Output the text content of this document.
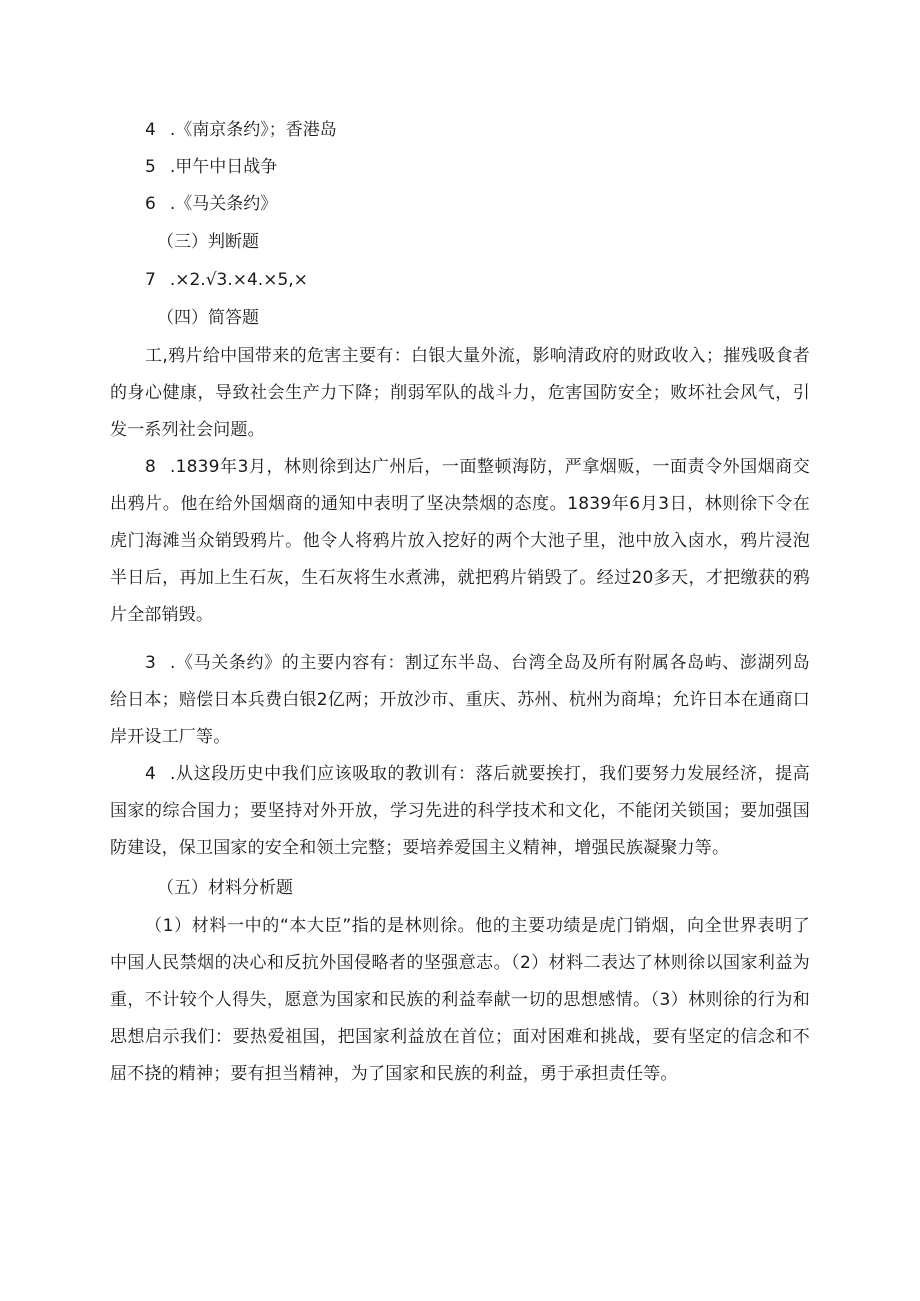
4 .《南京条约》；香港岛

5 .甲午中日战争

6 .《马关条约》

（三）判断题

7 .×2.√3.×4.×5,×

（四）简答题

工,鸦片给中国带来的危害主要有：白银大量外流，影响清政府的财政收入；摧残吸食者的身心健康，导致社会生产力下降；削弱军队的战斗力，危害国防安全；败坏社会风气，引发一系列社会问题。

8 .1839年3月，林则徐到达广州后，一面整顿海防，严拿烟贩，一面责令外国烟商交出鸦片。他在给外国烟商的通知中表明了坚决禁烟的态度。1839年6月3日，林则徐下令在虎门海滩当众销毁鸦片。他令人将鸦片放入挖好的两个大池子里，池中放入卤水，鸦片浸泡半日后，再加上生石灰，生石灰将生水煮沸，就把鸦片销毁了。经过20多天，才把缴获的鸦片全部销毁。

3 .《马关条约》的主要内容有：割辽东半岛、台湾全岛及所有附属各岛屿、澎湖列岛给日本；赔偿日本兵费白银2亿两；开放沙市、重庆、苏州、杭州为商埠；允许日本在通商口岸开设工厂等。

4 .从这段历史中我们应该吸取的教训有：落后就要挨打，我们要努力发展经济，提高国家的综合国力；要坚持对外开放，学习先进的科学技术和文化，不能闭关锁国；要加强国防建设，保卫国家的安全和领土完整；要培养爱国主义精神，增强民族凝聚力等。

（五）材料分析题

（1）材料一中的“本大臣”指的是林则徐。他的主要功绩是虎门销烟，向全世界表明了中国人民禁烟的决心和反抗外国侵略者的坚强意志。（2）材料二表达了林则徐以国家利益为重，不计较个人得失，愿意为国家和民族的利益奉献一切的思想感情。（3）林则徐的行为和思想启示我们：要热爱祖国，把国家利益放在首位；面对困难和挑战，要有坚定的信念和不屈不挠的精神；要有担当精神，为了国家和民族的利益，勇于承担责任等。
